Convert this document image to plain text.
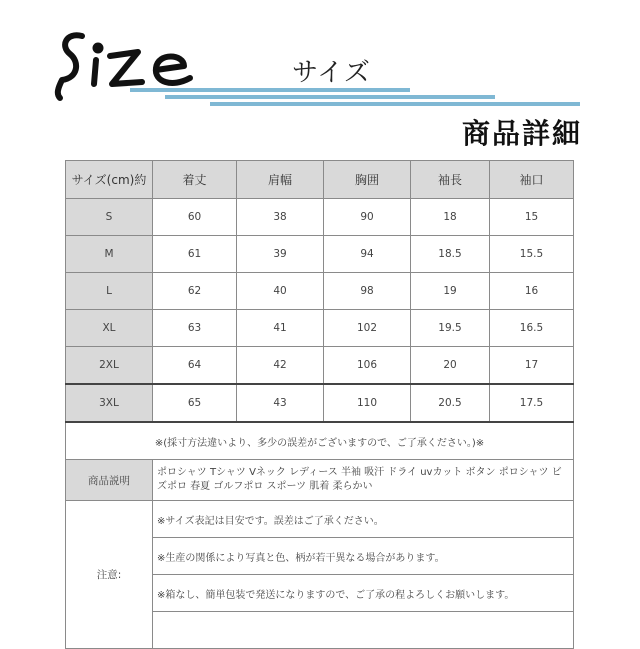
サイズ
商品詳細
サイズ(cm)約	着丈	肩幅	胸囲	袖長	袖口
S	60	38	90	18	15
M	61	39	94	18.5	15.5
L	62	40	98	19	16
XL	63	41	102	19.5	16.5
2XL	64	42	106	20	17
3XL	65	43	110	20.5	17.5
※(採寸方法違いより、多少の誤差がございますので、ご了承ください。)※					
商品説明	ポロシャツ Tシャツ Vネック レディース 半袖 吸汗 ドライ uvカット ボタン ポロシャツ ビズポロ 春夏 ゴルフポロ スポーツ 肌着 柔らかい				
注意:	※サイズ表記は目安です。誤差はご了承ください。				
	※生産の関係により写真と色、柄が若干異なる場合があります。				
	※箱なし、簡単包装で発送になりますので、ご了承の程よろしくお願いします。				
